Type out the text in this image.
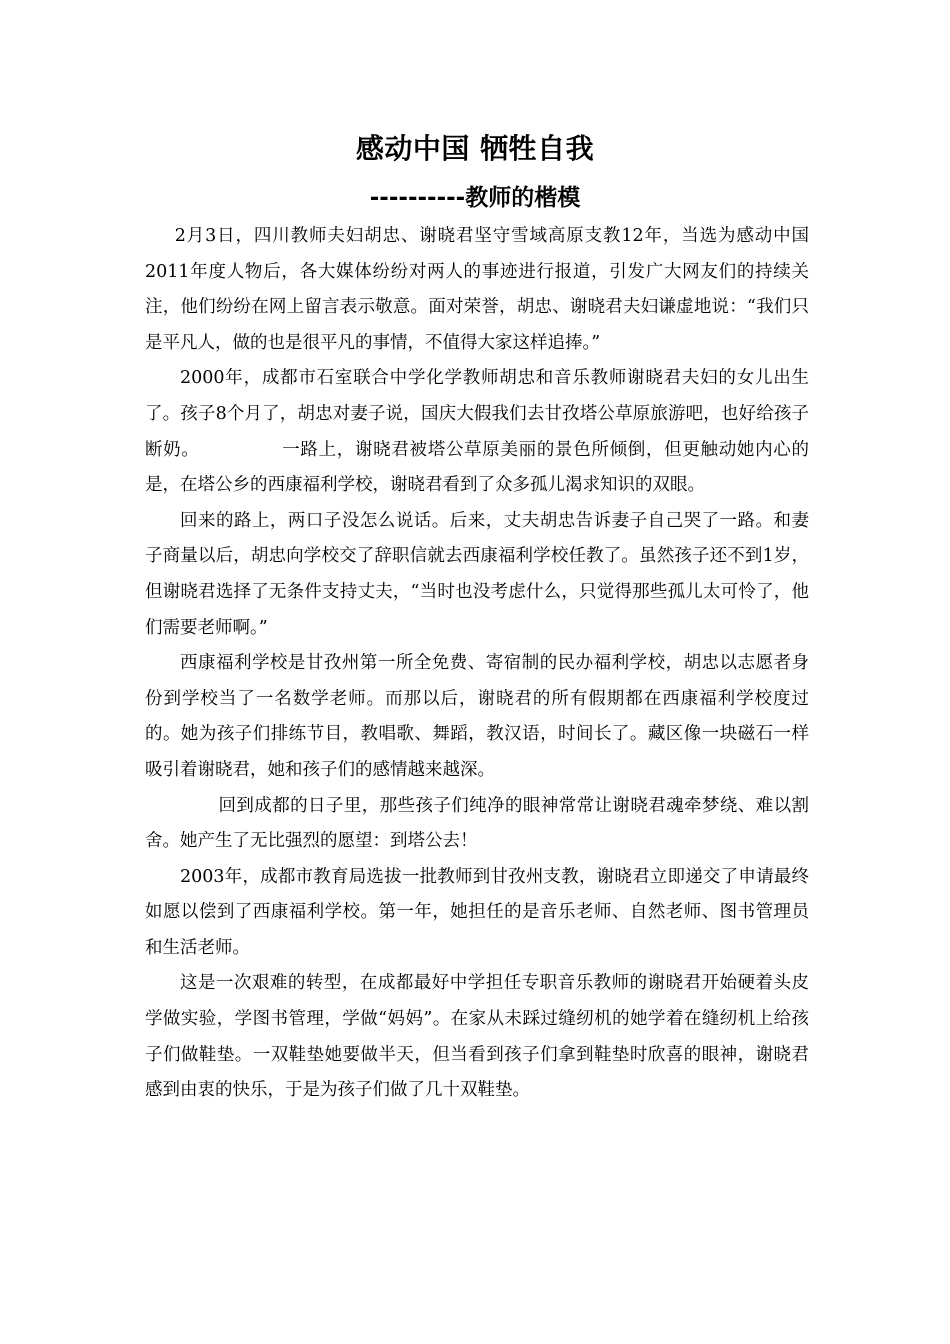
感动中国 牺牲自我
----------教师的楷模

2月3日，四川教师夫妇胡忠、谢晓君坚守雪域高原支教12年，当选为感动中国2011年度人物后，各大媒体纷纷对两人的事迹进行报道，引发广大网友们的持续关注，他们纷纷在网上留言表示敬意。面对荣誉，胡忠、谢晓君夫妇谦虚地说：“我们只是平凡人，做的也是很平凡的事情，不值得大家这样追捧。”

2000年，成都市石室联合中学化学教师胡忠和音乐教师谢晓君夫妇的女儿出生了。孩子8个月了，胡忠对妻子说，国庆大假我们去甘孜塔公草原旅游吧，也好给孩子断奶。	一路上，谢晓君被塔公草原美丽的景色所倾倒，但更触动她内心的是，在塔公乡的西康福利学校，谢晓君看到了众多孤儿渴求知识的双眼。

回来的路上，两口子没怎么说话。后来，丈夫胡忠告诉妻子自己哭了一路。和妻子商量以后，胡忠向学校交了辞职信就去西康福利学校任教了。虽然孩子还不到1岁，但谢晓君选择了无条件支持丈夫，“当时也没考虑什么，只觉得那些孤儿太可怜了，他们需要老师啊。”

西康福利学校是甘孜州第一所全免费、寄宿制的民办福利学校，胡忠以志愿者身份到学校当了一名数学老师。而那以后，谢晓君的所有假期都在西康福利学校度过的。她为孩子们排练节目，教唱歌、舞蹈，教汉语，时间长了。藏区像一块磁石一样吸引着谢晓君，她和孩子们的感情越来越深。

回到成都的日子里，那些孩子们纯净的眼神常常让谢晓君魂牵梦绕、难以割舍。她产生了无比强烈的愿望：到塔公去！

2003年，成都市教育局选拔一批教师到甘孜州支教，谢晓君立即递交了申请最终如愿以偿到了西康福利学校。第一年，她担任的是音乐老师、自然老师、图书管理员和生活老师。

这是一次艰难的转型，在成都最好中学担任专职音乐教师的谢晓君开始硬着头皮学做实验，学图书管理，学做“妈妈”。在家从未踩过缝纫机的她学着在缝纫机上给孩子们做鞋垫。一双鞋垫她要做半天，但当看到孩子们拿到鞋垫时欣喜的眼神，谢晓君感到由衷的快乐，于是为孩子们做了几十双鞋垫。
